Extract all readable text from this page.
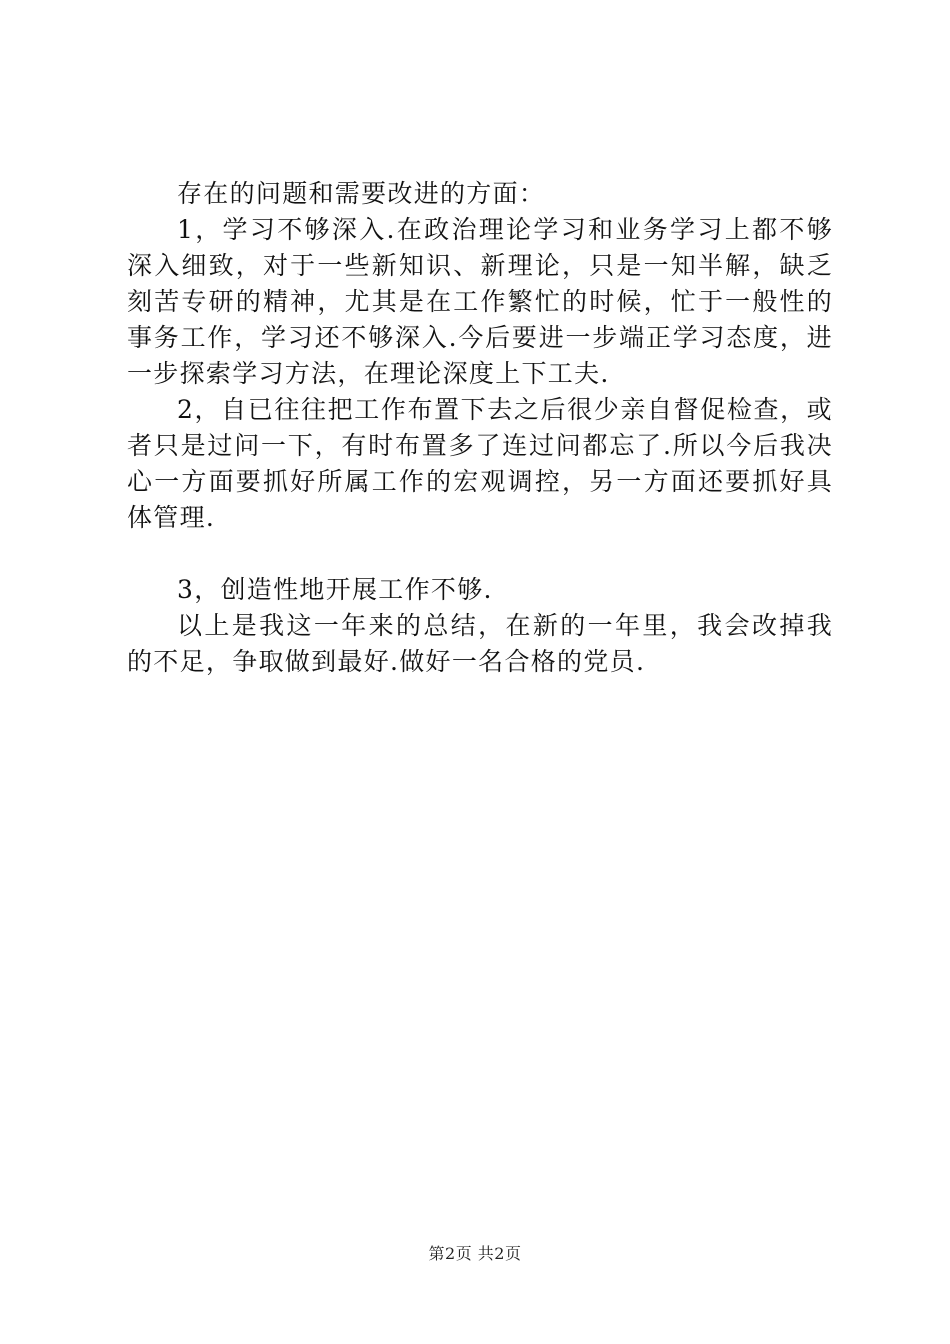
存在的问题和需要改进的方面：

1，学习不够深入.在政治理论学习和业务学习上都不够深入细致，对于一些新知识、新理论，只是一知半解，缺乏刻苦专研的精神，尤其是在工作繁忙的时候，忙于一般性的事务工作，学习还不够深入.今后要进一步端正学习态度，进一步探索学习方法，在理论深度上下工夫.

2，自已往往把工作布置下去之后很少亲自督促检查，或者只是过问一下，有时布置多了连过问都忘了.所以今后我决心一方面要抓好所属工作的宏观调控，另一方面还要抓好具体管理.

3，创造性地开展工作不够.

以上是我这一年来的总结，在新的一年里，我会改掉我的不足，争取做到最好.做好一名合格的党员.

第2页 共2页
